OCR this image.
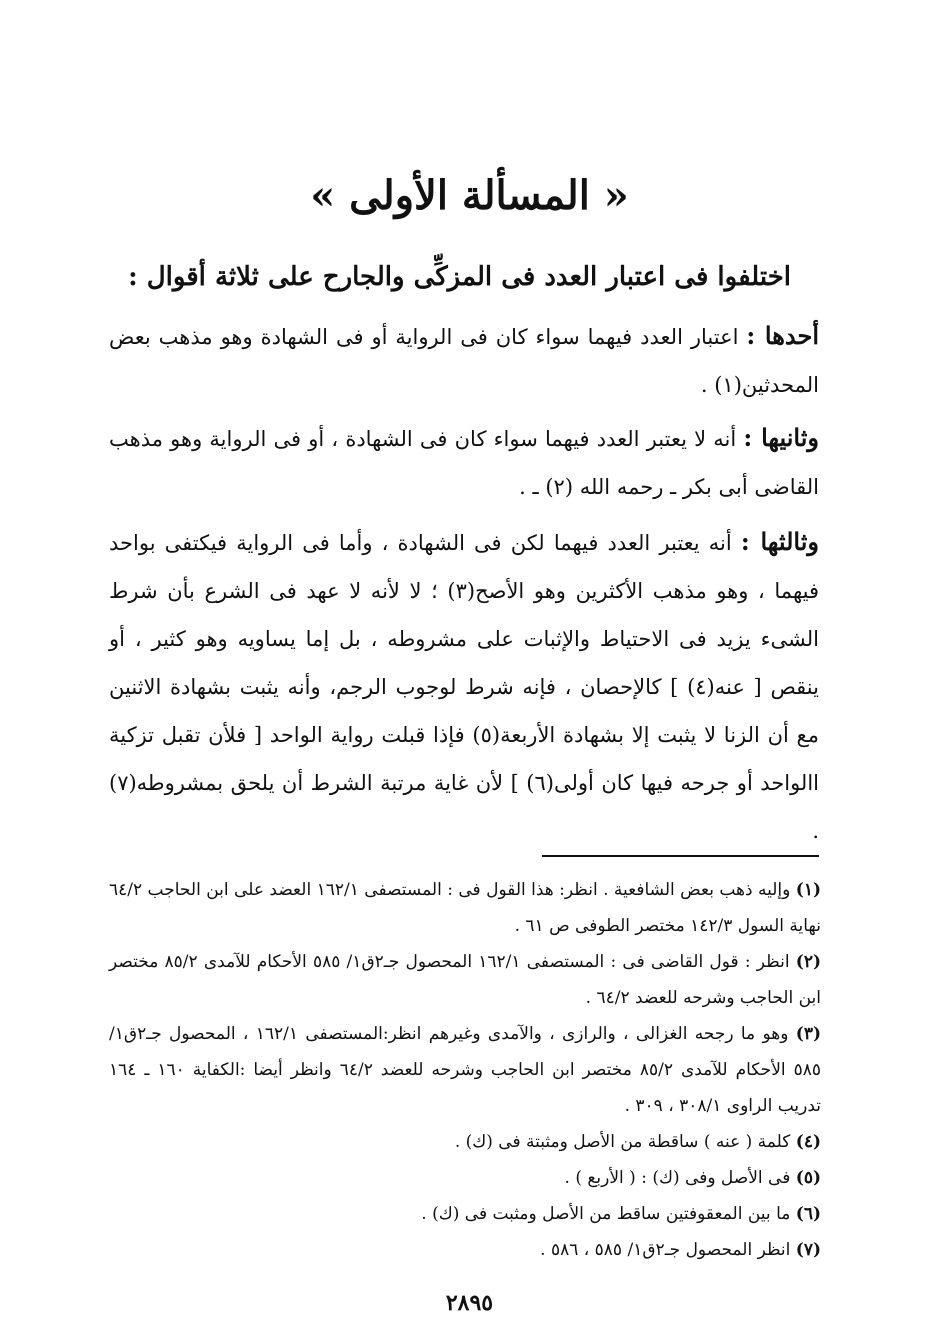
« المسألة الأولى »
اختلفوا فى اعتبار العدد فى المزكِّى والجارح على ثلاثة أقوال :
أحدها : اعتبار العدد فيهما سواء كان فى الرواية أو فى الشهادة وهو مذهب بعض المحدثين(١) .
وثانيها : أنه لا يعتبر العدد فيهما سواء كان فى الشهادة ، أو فى الرواية وهو مذهب القاضى أبى بكر ـ رحمه الله (٢) ـ .
وثالثها : أنه يعتبر العدد فيهما لكن فى الشهادة ، وأما فى الرواية فيكتفى بواحد فيهما ، وهو مذهب الأكثرين وهو الأصح(٣) ؛ لا لأنه لا عهد فى الشرع بأن شرط الشىء يزيد فى الاحتياط والإثبات على مشروطه ، بل إما يساويه وهو كثير ، أو ينقص [ عنه(٤) ] كالإحصان ، فإنه شرط لوجوب الرجم، وأنه يثبت بشهادة الاثنين مع أن الزنا لا يثبت إلا بشهادة الأربعة(٥) فإذا قبلت رواية الواحد [ فلأن تقبل تزكية االواحد أو جرحه فيها كان أولى(٦) ] لأن غاية مرتبة الشرط أن يلحق بمشروطه(٧) .
(١) وإليه ذهب بعض الشافعية . انظر: هذا القول فى : المستصفى ١٦٢/١ العضد على ابن الحاجب ٦٤/٢ نهاية السول ١٤٢/٣ مختصر الطوفى ص ٦١ .
(٢) انظر : قول القاضى فى : المستصفى ١٦٢/١ المحصول جـ٢ق١/ ٥٨٥ الأحكام للآمدى ٨٥/٢ مختصر ابن الحاجب وشرحه للعضد ٦٤/٢ .
(٣) وهو ما رجحه الغزالى ، والرازى ، والآمدى وغيرهم انظر:المستصفى ١٦٢/١ ، المحصول جـ٢ق١/ ٥٨٥ الأحكام للآمدى ٨٥/٢ مختصر ابن الحاجب وشرحه للعضد ٦٤/٢ وانظر أيضا :الكفاية ١٦٠ ـ ١٦٤ تدريب الراوى ٣٠٨/١ ، ٣٠٩ .
(٤) كلمة ( عنه ) ساقطة من الأصل ومثبتة فى (ك) .
(٥) فى الأصل وفى (ك) : ( الأربع ) .
(٦) ما بين المعقوفتين ساقط من الأصل ومثبت فى (ك) .
(٧) انظر المحصول جـ٢ق١/ ٥٨٥ ، ٥٨٦ .
٢٨٩٥
